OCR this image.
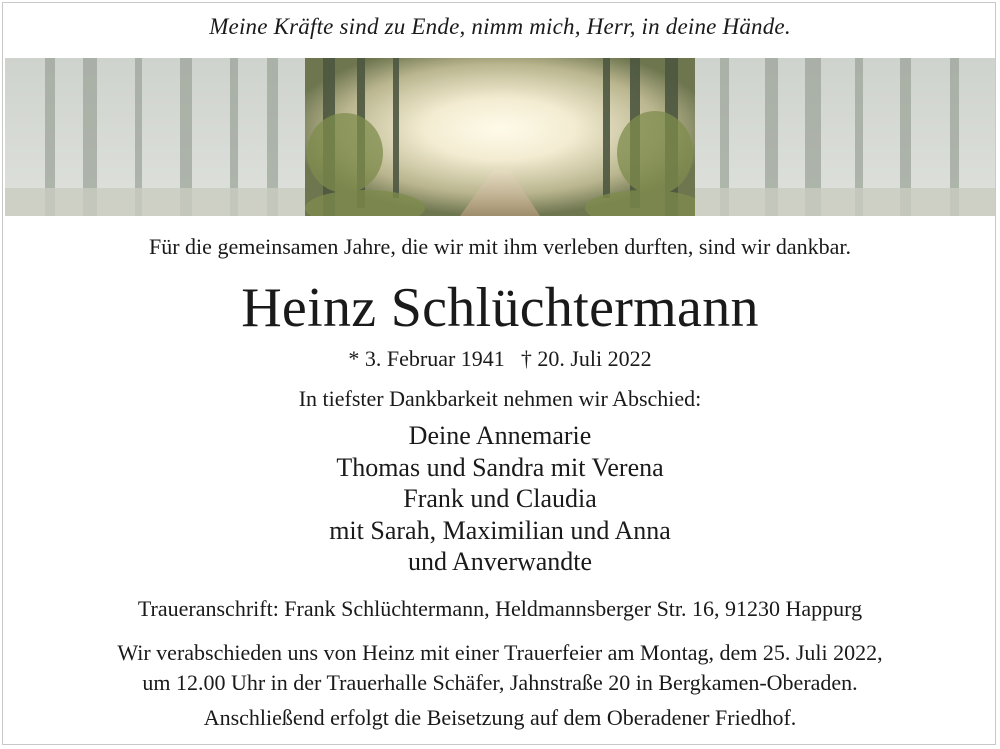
Meine Kräfte sind zu Ende, nimm mich, Herr, in deine Hände.
Für die gemeinsamen Jahre, die wir mit ihm verleben durften, sind wir dankbar.
Heinz Schlüchtermann
* 3. Februar 1941 † 20. Juli 2022
In tiefster Dankbarkeit nehmen wir Abschied:
Deine Annemarie
Thomas und Sandra mit Verena
Frank und Claudia
mit Sarah, Maximilian und Anna
und Anverwandte
Traueranschrift: Frank Schlüchtermann, Heldmannsberger Str. 16, 91230 Happurg
Wir verabschieden uns von Heinz mit einer Trauerfeier am Montag, dem 25. Juli 2022,
um 12.00 Uhr in der Trauerhalle Schäfer, Jahnstraße 20 in Bergkamen-Oberaden.
Anschließend erfolgt die Beisetzung auf dem Oberadener Friedhof.
